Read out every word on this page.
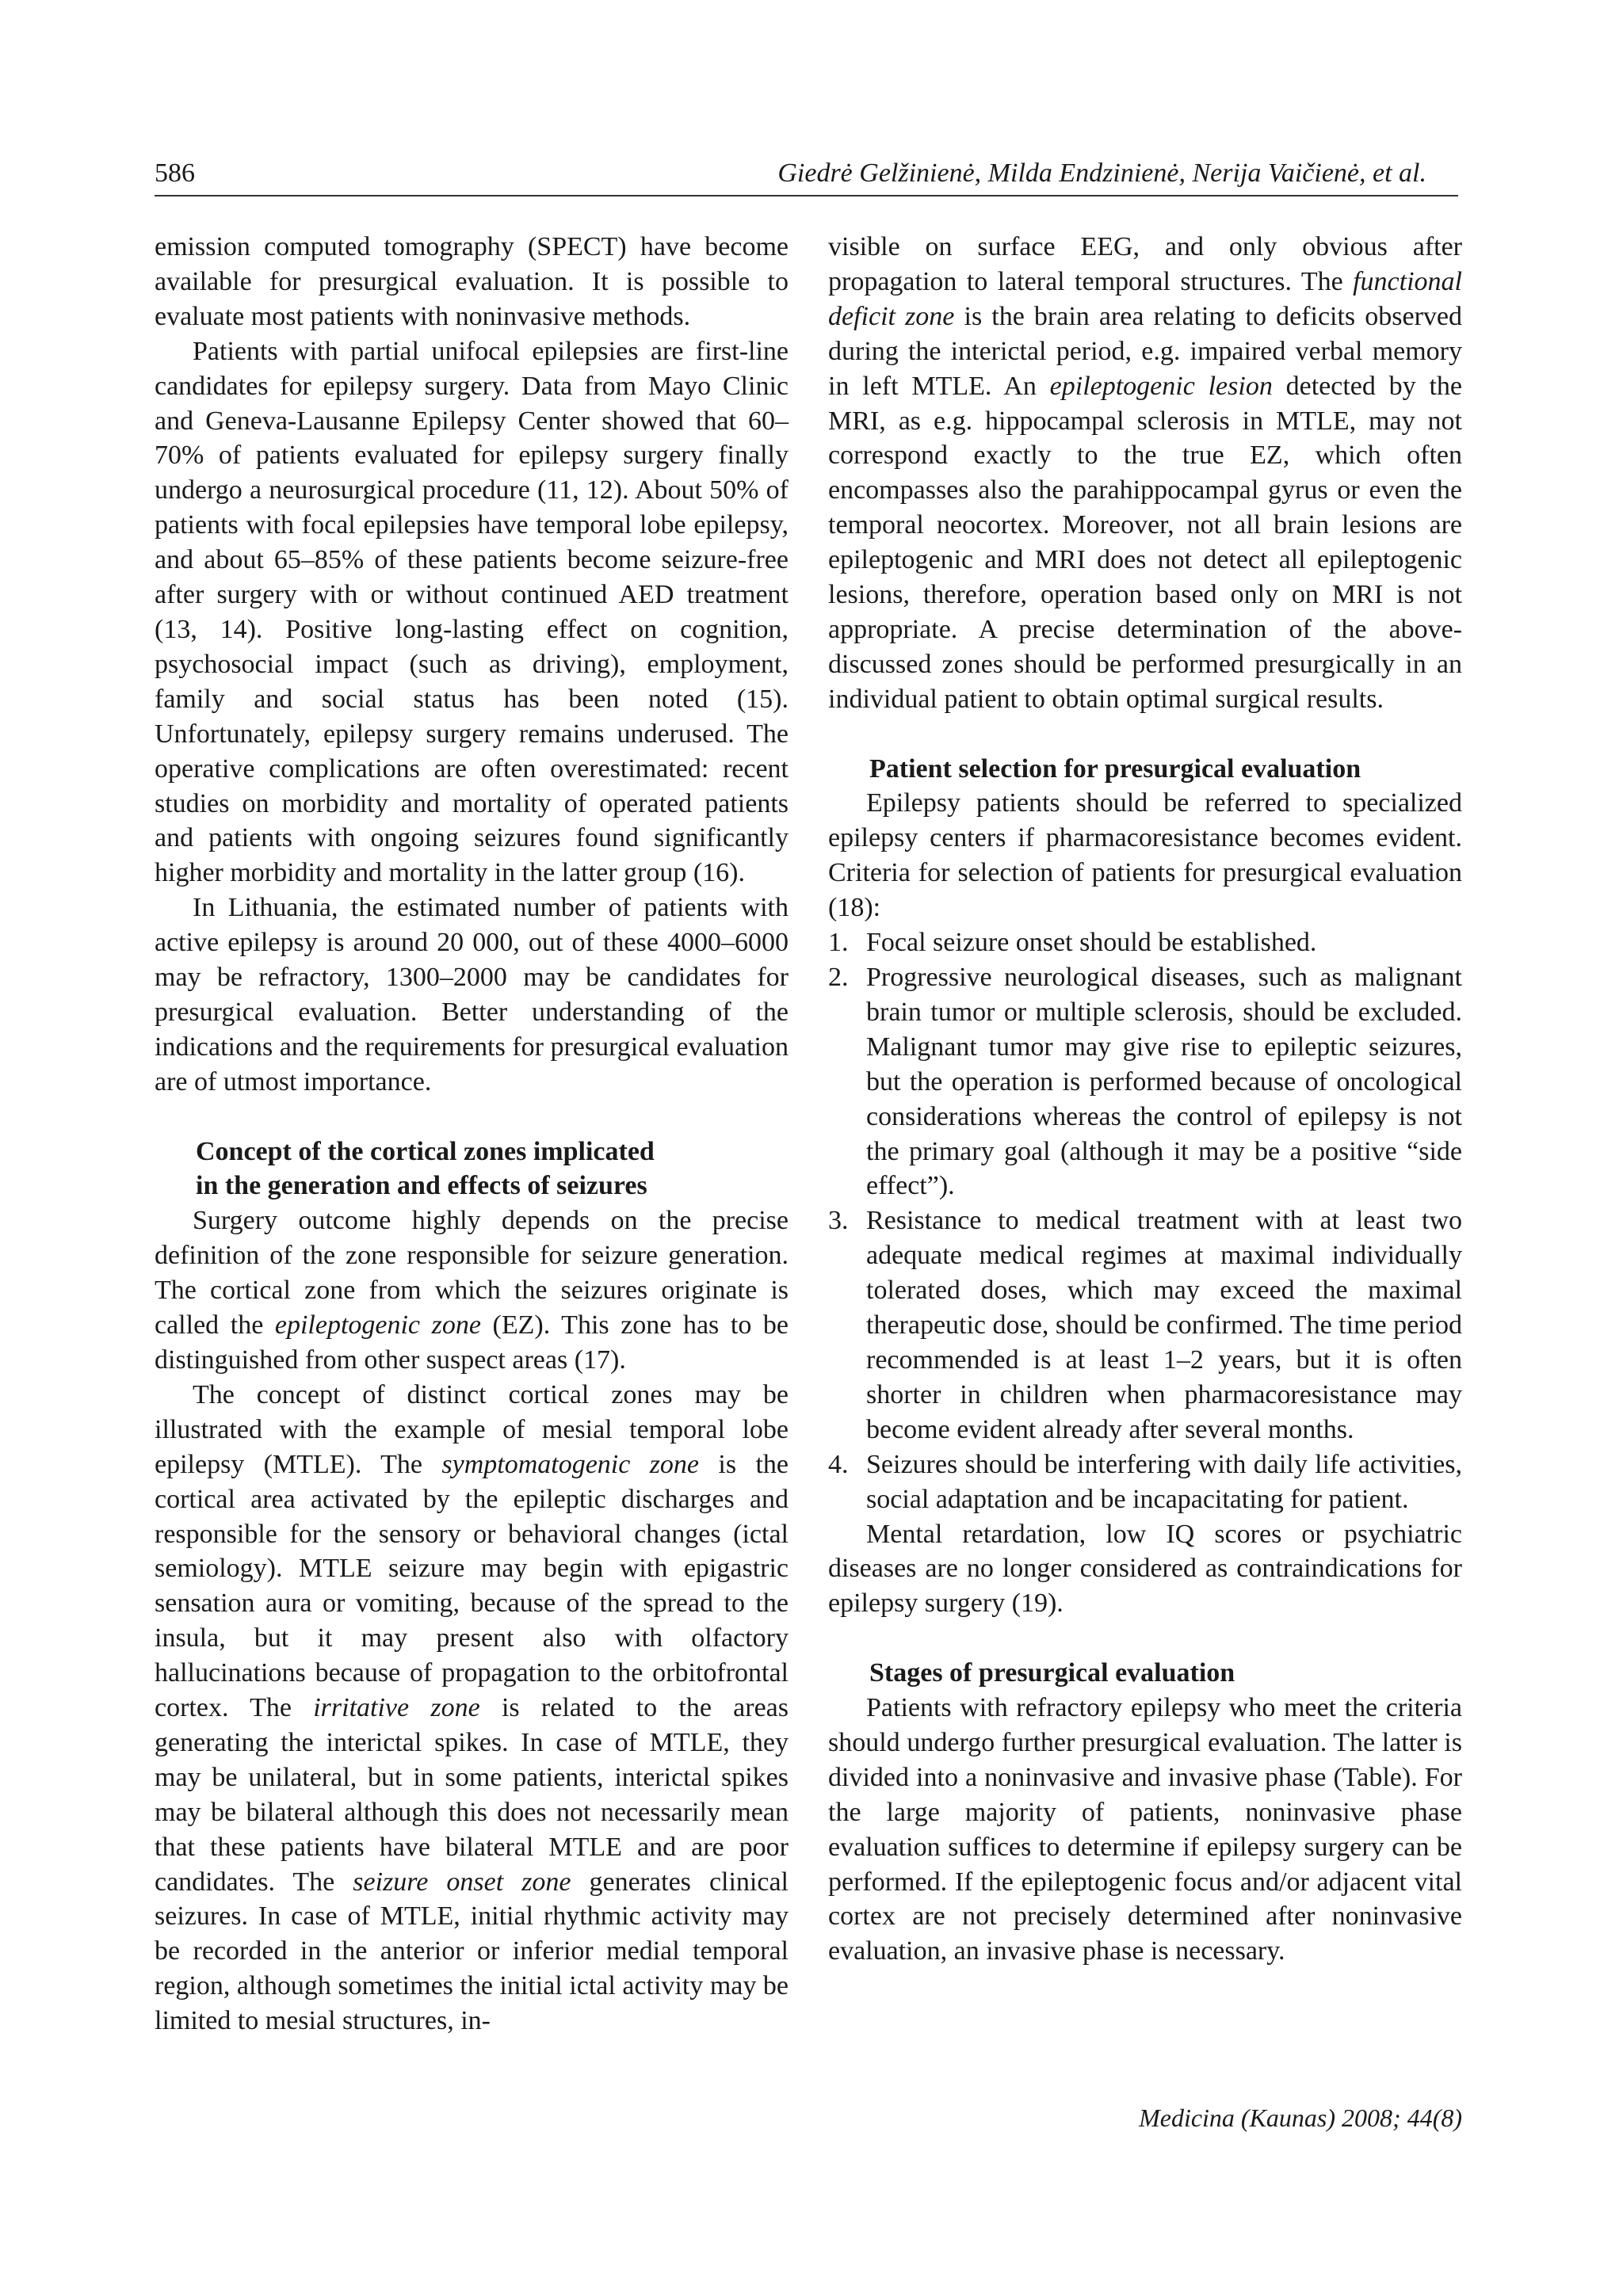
586	Giedrė Gelžinienė, Milda Endzinienė, Nerija Vaičienė, et al.

emission computed tomography (SPECT) have become available for presurgical evaluation. It is possible to evaluate most patients with noninvasive methods.

Patients with partial unifocal epilepsies are first-line candidates for epilepsy surgery. Data from Mayo Clinic and Geneva-Lausanne Epilepsy Center showed that 60–70% of patients evaluated for epilepsy surgery finally undergo a neurosurgical procedure (11, 12). About 50% of patients with focal epilepsies have temporal lobe epilepsy, and about 65–85% of these patients become seizure-free after surgery with or without continued AED treatment (13, 14). Positive long-lasting effect on cognition, psychosocial impact (such as driving), employment, family and social status has been noted (15). Unfortunately, epilepsy surgery remains underused. The operative complications are often overestimated: recent studies on morbidity and mortality of operated patients and patients with ongoing seizures found significantly higher morbidity and mortality in the latter group (16).

In Lithuania, the estimated number of patients with active epilepsy is around 20 000, out of these 4000–6000 may be refractory, 1300–2000 may be candidates for presurgical evaluation. Better understanding of the indications and the requirements for presurgical evaluation are of utmost importance.

Concept of the cortical zones implicated
in the generation and effects of seizures

Surgery outcome highly depends on the precise definition of the zone responsible for seizure generation. The cortical zone from which the seizures originate is called the epileptogenic zone (EZ). This zone has to be distinguished from other suspect areas (17).

The concept of distinct cortical zones may be illustrated with the example of mesial temporal lobe epilepsy (MTLE). The symptomatogenic zone is the cortical area activated by the epileptic discharges and responsible for the sensory or behavioral changes (ictal semiology). MTLE seizure may begin with epigastric sensation aura or vomiting, because of the spread to the insula, but it may present also with olfactory hallucinations because of propagation to the orbitofrontal cortex. The irritative zone is related to the areas generating the interictal spikes. In case of MTLE, they may be unilateral, but in some patients, interictal spikes may be bilateral although this does not necessarily mean that these patients have bilateral MTLE and are poor candidates. The seizure onset zone generates clinical seizures. In case of MTLE, initial rhythmic activity may be recorded in the anterior or inferior medial temporal region, although sometimes the initial ictal activity may be limited to mesial structures, in-

visible on surface EEG, and only obvious after propagation to lateral temporal structures. The functional deficit zone is the brain area relating to deficits observed during the interictal period, e.g. impaired verbal memory in left MTLE. An epileptogenic lesion detected by the MRI, as e.g. hippocampal sclerosis in MTLE, may not correspond exactly to the true EZ, which often encompasses also the parahippocampal gyrus or even the temporal neocortex. Moreover, not all brain lesions are epileptogenic and MRI does not detect all epileptogenic lesions, therefore, operation based only on MRI is not appropriate. A precise determination of the above-discussed zones should be performed presurgically in an individual patient to obtain optimal surgical results.

Patient selection for presurgical evaluation

Epilepsy patients should be referred to specialized epilepsy centers if pharmacoresistance becomes evident. Criteria for selection of patients for presurgical evaluation (18):

1. Focal seizure onset should be established.
2. Progressive neurological diseases, such as malignant brain tumor or multiple sclerosis, should be excluded. Malignant tumor may give rise to epileptic seizures, but the operation is performed because of oncological considerations whereas the control of epilepsy is not the primary goal (although it may be a positive “side effect”).
3. Resistance to medical treatment with at least two adequate medical regimes at maximal individually tolerated doses, which may exceed the maximal therapeutic dose, should be confirmed. The time period recommended is at least 1–2 years, but it is often shorter in children when pharmacoresistance may become evident already after several months.
4. Seizures should be interfering with daily life activities, social adaptation and be incapacitating for patient.

Mental retardation, low IQ scores or psychiatric diseases are no longer considered as contraindications for epilepsy surgery (19).

Stages of presurgical evaluation

Patients with refractory epilepsy who meet the criteria should undergo further presurgical evaluation. The latter is divided into a noninvasive and invasive phase (Table). For the large majority of patients, noninvasive phase evaluation suffices to determine if epilepsy surgery can be performed. If the epileptogenic focus and/or adjacent vital cortex are not precisely determined after noninvasive evaluation, an invasive phase is necessary.

Medicina (Kaunas) 2008; 44(8)
